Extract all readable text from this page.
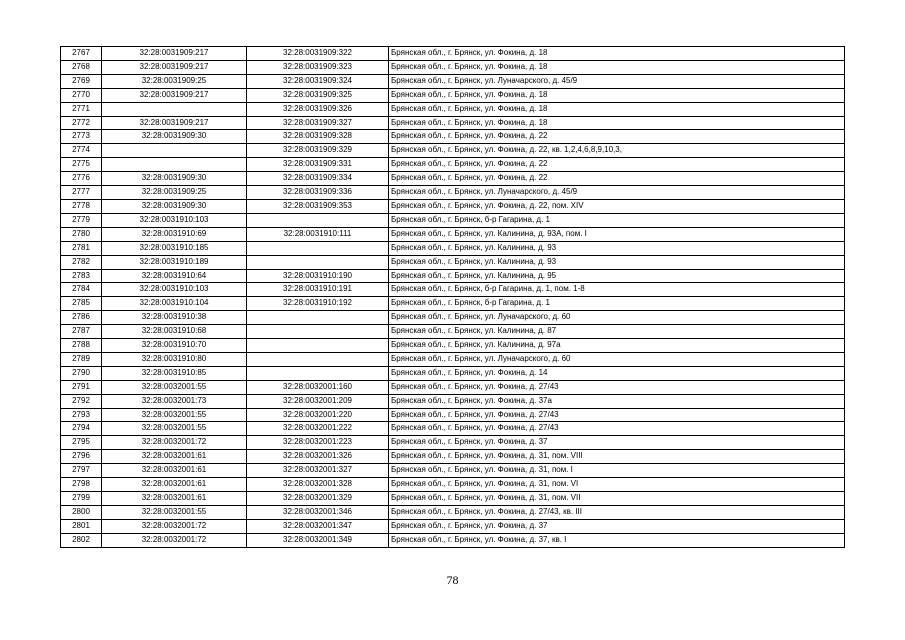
2767	32:28:0031909:217	32:28:0031909:322	Брянская обл., г. Брянск, ул. Фокина, д. 18
2768	32:28:0031909:217	32:28:0031909:323	Брянская обл., г. Брянск, ул. Фокина, д. 18
2769	32:28:0031909:25	32:28:0031909:324	Брянская обл., г. Брянск, ул. Луначарского, д. 45/9
2770	32:28:0031909:217	32:28:0031909:325	Брянская обл., г. Брянск, ул. Фокина, д. 18
2771		32:28:0031909:326	Брянская обл., г. Брянск, ул. Фокина, д. 18
2772	32:28:0031909:217	32:28:0031909:327	Брянская обл., г. Брянск, ул. Фокина, д. 18
2773	32:28:0031909:30	32:28:0031909:328	Брянская обл., г. Брянск, ул. Фокина, д. 22
2774		32:28:0031909:329	Брянская обл., г. Брянск, ул. Фокина, д. 22, кв. 1,2,4,6,8,9,10,3,
2775		32:28:0031909:331	Брянская обл., г. Брянск, ул. Фокина, д. 22
2776	32:28:0031909:30	32:28:0031909:334	Брянская обл., г. Брянск, ул. Фокина, д. 22
2777	32:28:0031909:25	32:28:0031909:336	Брянская обл., г. Брянск, ул. Луначарского, д. 45/9
2778	32:28:0031909:30	32:28:0031909:353	Брянская обл., г. Брянск, ул. Фокина, д. 22, пом. XIV
2779	32:28:0031910:103		Брянская обл., г. Брянск, б-р Гагарина, д. 1
2780	32:28:0031910:69	32:28:0031910:111	Брянская обл., г. Брянск, ул. Калинина, д. 93А, пом. I
2781	32:28:0031910:185		Брянская обл., г. Брянск, ул. Калинина, д. 93
2782	32:28:0031910:189		Брянская обл., г. Брянск, ул. Калинина, д. 93
2783	32:28:0031910:64	32:28:0031910:190	Брянская обл., г. Брянск, ул. Калинина, д. 95
2784	32:28:0031910:103	32:28:0031910:191	Брянская обл., г. Брянск, б-р Гагарина, д. 1, пом. 1-8
2785	32:28:0031910:104	32:28:0031910:192	Брянская обл., г. Брянск, б-р Гагарина, д. 1
2786	32:28:0031910:38		Брянская обл., г. Брянск, ул. Луначарского, д. 60
2787	32:28:0031910:68		Брянская обл., г. Брянск, ул. Калинина, д. 87
2788	32:28:0031910:70		Брянская обл., г. Брянск, ул. Калинина, д. 97а
2789	32:28:0031910:80		Брянская обл., г. Брянск, ул. Луначарского, д. 60
2790	32:28:0031910:85		Брянская обл., г. Брянск, ул. Фокина, д. 14
2791	32:28:0032001:55	32:28:0032001:160	Брянская обл., г. Брянск, ул. Фокина, д. 27/43
2792	32:28:0032001:73	32:28:0032001:209	Брянская обл., г. Брянск, ул. Фокина, д. 37а
2793	32:28:0032001:55	32:28:0032001:220	Брянская обл., г. Брянск, ул. Фокина, д. 27/43
2794	32:28:0032001:55	32:28:0032001:222	Брянская обл., г. Брянск, ул. Фокина, д. 27/43
2795	32:28:0032001:72	32:28:0032001:223	Брянская обл., г. Брянск, ул. Фокина, д. 37
2796	32:28:0032001:61	32:28:0032001:326	Брянская обл., г. Брянск, ул. Фокина, д. 31, пом. VIII
2797	32:28:0032001:61	32:28:0032001:327	Брянская обл., г. Брянск, ул. Фокина, д. 31, пом. I
2798	32:28:0032001:61	32:28:0032001:328	Брянская обл., г. Брянск, ул. Фокина, д. 31, пом. VI
2799	32:28:0032001:61	32:28:0032001:329	Брянская обл., г. Брянск, ул. Фокина, д. 31, пом. VII
2800	32:28:0032001:55	32:28:0032001:346	Брянская обл., г. Брянск, ул. Фокина, д. 27/43, кв. III
2801	32:28:0032001:72	32:28:0032001:347	Брянская обл., г. Брянск, ул. Фокина, д. 37
2802	32:28:0032001:72	32:28:0032001:349	Брянская обл., г. Брянск, ул. Фокина, д. 37, кв. I
78
